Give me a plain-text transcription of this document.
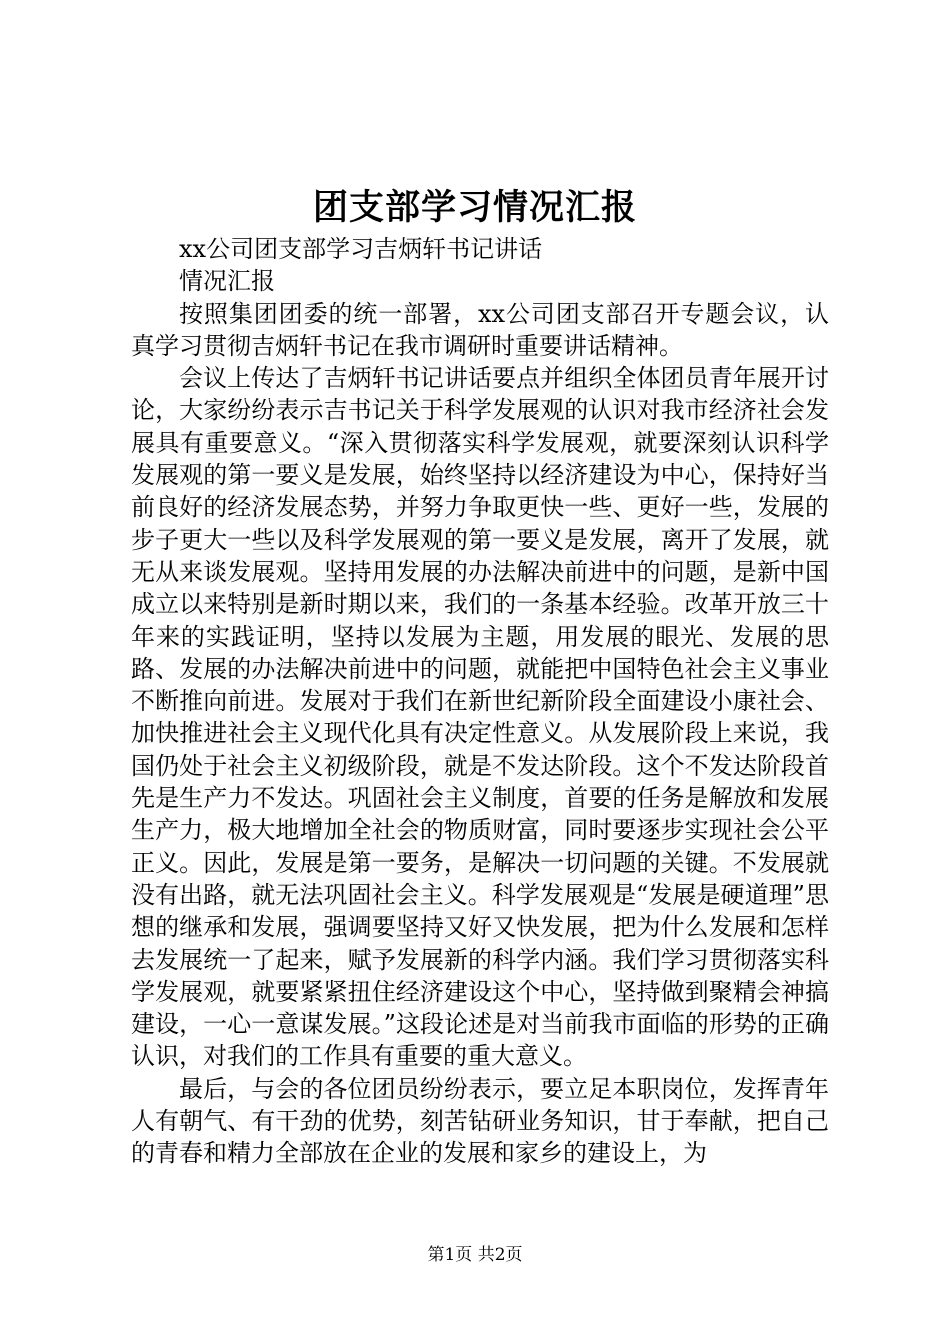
团支部学习情况汇报

xx公司团支部学习吉炳轩书记讲话

情况汇报

按照集团团委的统一部署，xx公司团支部召开专题会议，认真学习贯彻吉炳轩书记在我市调研时重要讲话精神。

会议上传达了吉炳轩书记讲话要点并组织全体团员青年展开讨论，大家纷纷表示吉书记关于科学发展观的认识对我市经济社会发展具有重要意义。“深入贯彻落实科学发展观，就要深刻认识科学发展观的第一要义是发展，始终坚持以经济建设为中心，保持好当前良好的经济发展态势，并努力争取更快一些、更好一些，发展的步子更大一些以及科学发展观的第一要义是发展，离开了发展，就无从来谈发展观。坚持用发展的办法解决前进中的问题，是新中国成立以来特别是新时期以来，我们的一条基本经验。改革开放三十年来的实践证明，坚持以发展为主题，用发展的眼光、发展的思路、发展的办法解决前进中的问题，就能把中国特色社会主义事业不断推向前进。发展对于我们在新世纪新阶段全面建设小康社会、加快推进社会主义现代化具有决定性意义。从发展阶段上来说，我国仍处于社会主义初级阶段，就是不发达阶段。这个不发达阶段首先是生产力不发达。巩固社会主义制度，首要的任务是解放和发展生产力，极大地增加全社会的物质财富，同时要逐步实现社会公平正义。因此，发展是第一要务，是解决一切问题的关键。不发展就没有出路，就无法巩固社会主义。科学发展观是“发展是硬道理”思想的继承和发展，强调要坚持又好又快发展，把为什么发展和怎样去发展统一了起来，赋予发展新的科学内涵。我们学习贯彻落实科学发展观，就要紧紧扭住经济建设这个中心，坚持做到聚精会神搞建设，一心一意谋发展。”这段论述是对当前我市面临的形势的正确认识，对我们的工作具有重要的重大意义。

最后，与会的各位团员纷纷表示，要立足本职岗位，发挥青年人有朝气、有干劲的优势，刻苦钻研业务知识，甘于奉献，把自己的青春和精力全部放在企业的发展和家乡的建设上，为

第1页 共2页
